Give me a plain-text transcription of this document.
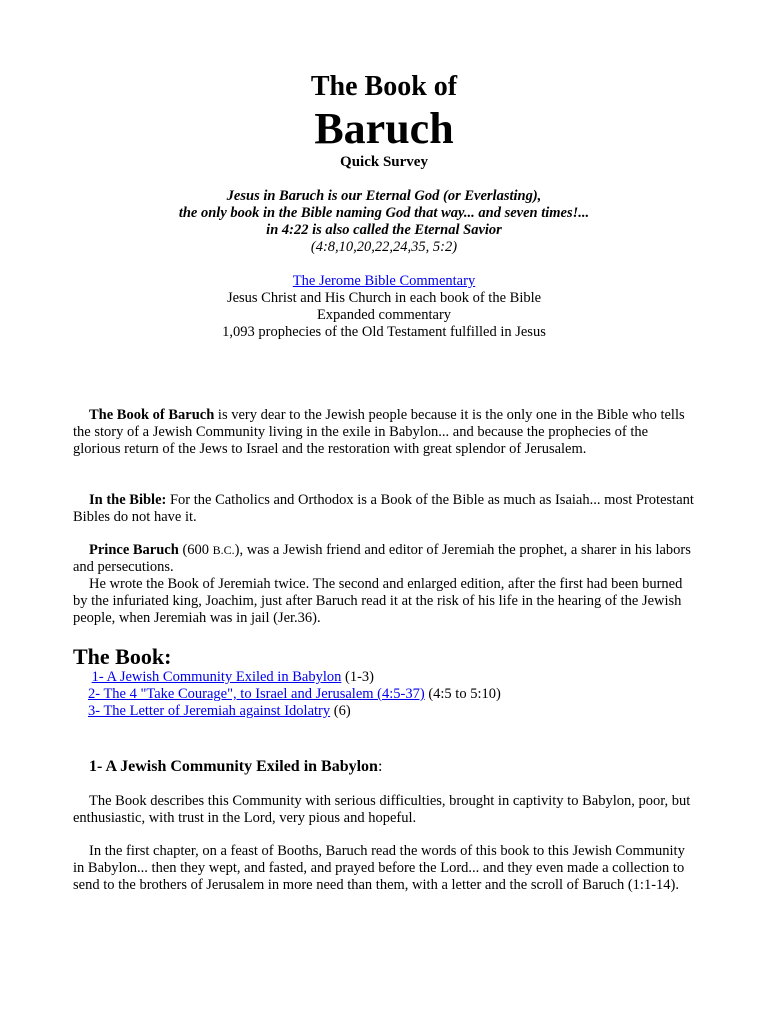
The Book of
Baruch
Quick Survey
Jesus in Baruch is our Eternal God (or Everlasting),
the only book in the Bible naming God that way... and seven times!...
in 4:22 is also called the Eternal Savior
(4:8,10,20,22,24,35, 5:2)
The Jerome Bible Commentary
Jesus Christ and His Church in each book of the Bible
Expanded commentary
1,093 prophecies of the Old Testament fulfilled in Jesus
The Book of Baruch is very dear to the Jewish people because it is the only one in the Bible who tells the story of a Jewish Community living in the exile in Babylon... and because the prophecies of the glorious return of the Jews to Israel and the restoration with great splendor of Jerusalem.
In the Bible: For the Catholics and Orthodox is a Book of the Bible as much as Isaiah... most Protestant Bibles do not have it.
Prince Baruch (600 B.C.), was a Jewish friend and editor of Jeremiah the prophet, a sharer in his labors and persecutions.
He wrote the Book of Jeremiah twice. The second and enlarged edition, after the first had been burned by the infuriated king, Joachim, just after Baruch read it at the risk of his life in the hearing of the Jewish people, when Jeremiah was in jail (Jer.36).
The Book:
1- A Jewish Community Exiled in Babylon (1-3)
2- The 4 "Take Courage", to Israel and Jerusalem (4:5-37) (4:5 to 5:10)
3- The Letter of Jeremiah against Idolatry (6)
1- A Jewish Community Exiled in Babylon:
The Book describes this Community with serious difficulties, brought in captivity to Babylon, poor, but enthusiastic, with trust in the Lord, very pious and hopeful.
In the first chapter, on a feast of Booths, Baruch read the words of this book to this Jewish Community in Babylon... then they wept, and fasted, and prayed before the Lord... and they even made a collection to send to the brothers of Jerusalem in more need than them, with a letter and the scroll of Baruch (1:1-14).
